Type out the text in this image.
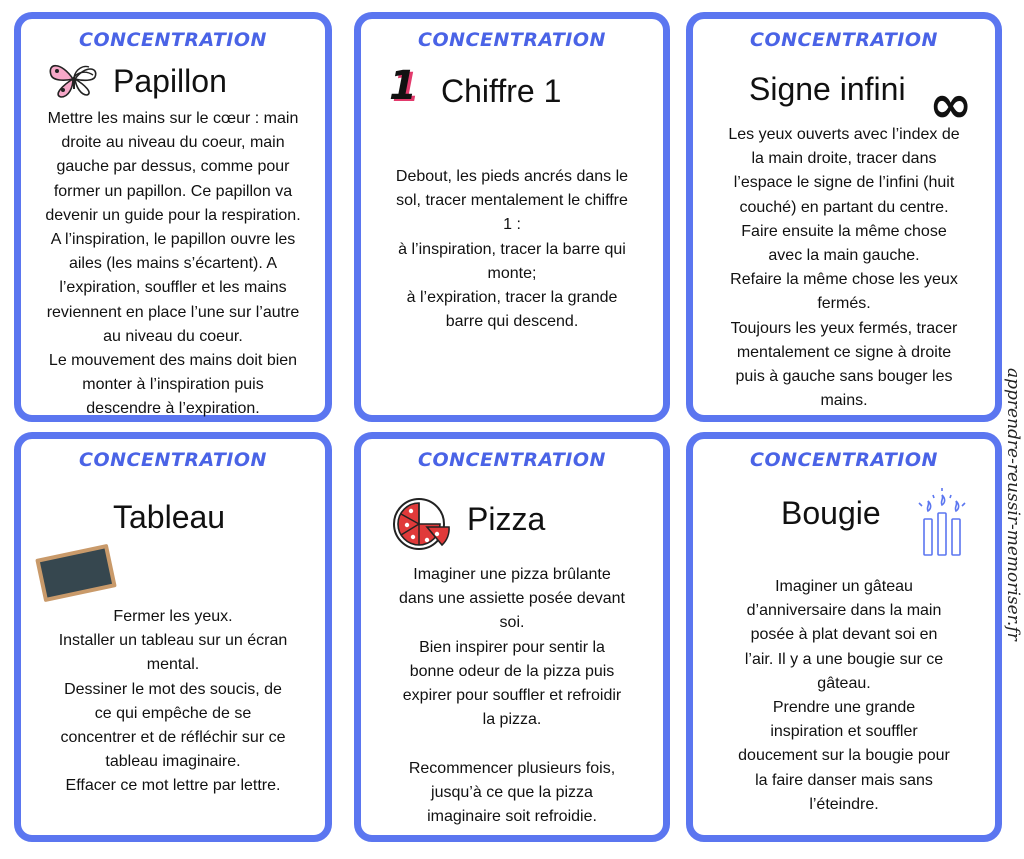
CONCENTRATION
Papillon
Mettre les mains sur le cœur : main
droite au niveau du coeur, main
gauche par dessus, comme pour
former un papillon. Ce papillon va
devenir un guide pour la respiration.
A l’inspiration, le papillon ouvre les
ailes (les mains s’écartent). A
l’expiration, souffler et les mains
reviennent en place l’une sur l’autre
au niveau du coeur.
Le mouvement des mains doit bien
monter à l’inspiration puis
descendre à l’expiration.
CONCENTRATION
1 Chiffre 1
Debout, les pieds ancrés dans le
sol, tracer mentalement le chiffre
1 :
à l’inspiration, tracer la barre qui
monte;
à l’expiration, tracer la grande
barre qui descend.
CONCENTRATION
Signe infini ∞
Les yeux ouverts avec l’index de
la main droite, tracer dans
l’espace le signe de l’infini (huit
couché) en partant du centre.
Faire ensuite la même chose
avec la main gauche.
Refaire la même chose les yeux
fermés.
Toujours les yeux fermés, tracer
mentalement ce signe à droite
puis à gauche sans bouger les
mains.
CONCENTRATION
Tableau
Fermer les yeux.
Installer un tableau sur un écran
mental.
Dessiner le mot des soucis, de
ce qui empêche de se
concentrer et de réfléchir sur ce
tableau imaginaire.
Effacer ce mot lettre par lettre.
CONCENTRATION
Pizza
Imaginer une pizza brûlante
dans une assiette posée devant
soi.
Bien inspirer pour sentir la
bonne odeur de la pizza puis
expirer pour souffler et refroidir
la pizza.

Recommencer plusieurs fois,
jusqu’à ce que la pizza
imaginaire soit refroidie.
CONCENTRATION
Bougie
Imaginer un gâteau
d’anniversaire dans la main
posée à plat devant soi en
l’air. Il y a une bougie sur ce
gâteau.
Prendre une grande
inspiration et souffler
doucement sur la bougie pour
la faire danser mais sans
l’éteindre.
apprendre-reussir-memoriser.fr
